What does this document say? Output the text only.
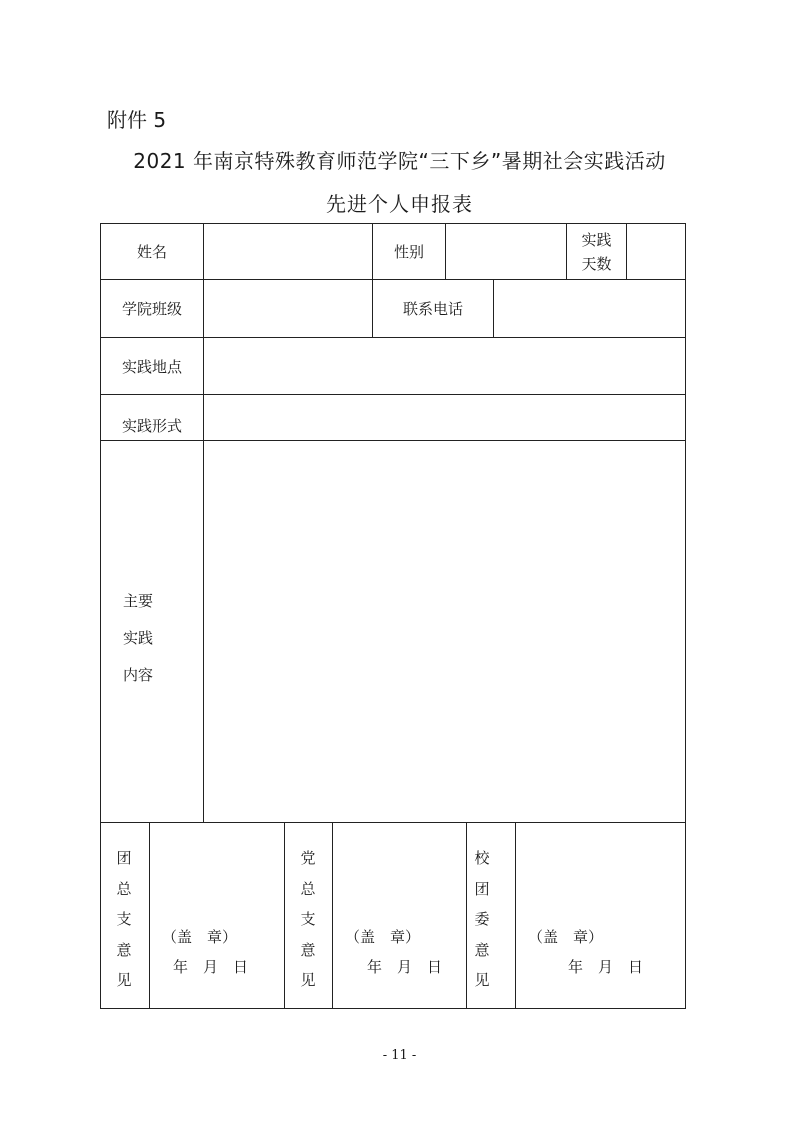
附件 5
2021 年南京特殊教育师范学院“三下乡”暑期社会实践活动
先进个人申报表
姓名	性别
实践
天数
学院班级	联系电话
实践地点
实践形式
主要
实践
内容
团总支意见
（盖　章）
年　月　日
党总支意见
（盖　章）
年　月　日
校团委意见
（盖　章）
年　月　日
- 11 -
